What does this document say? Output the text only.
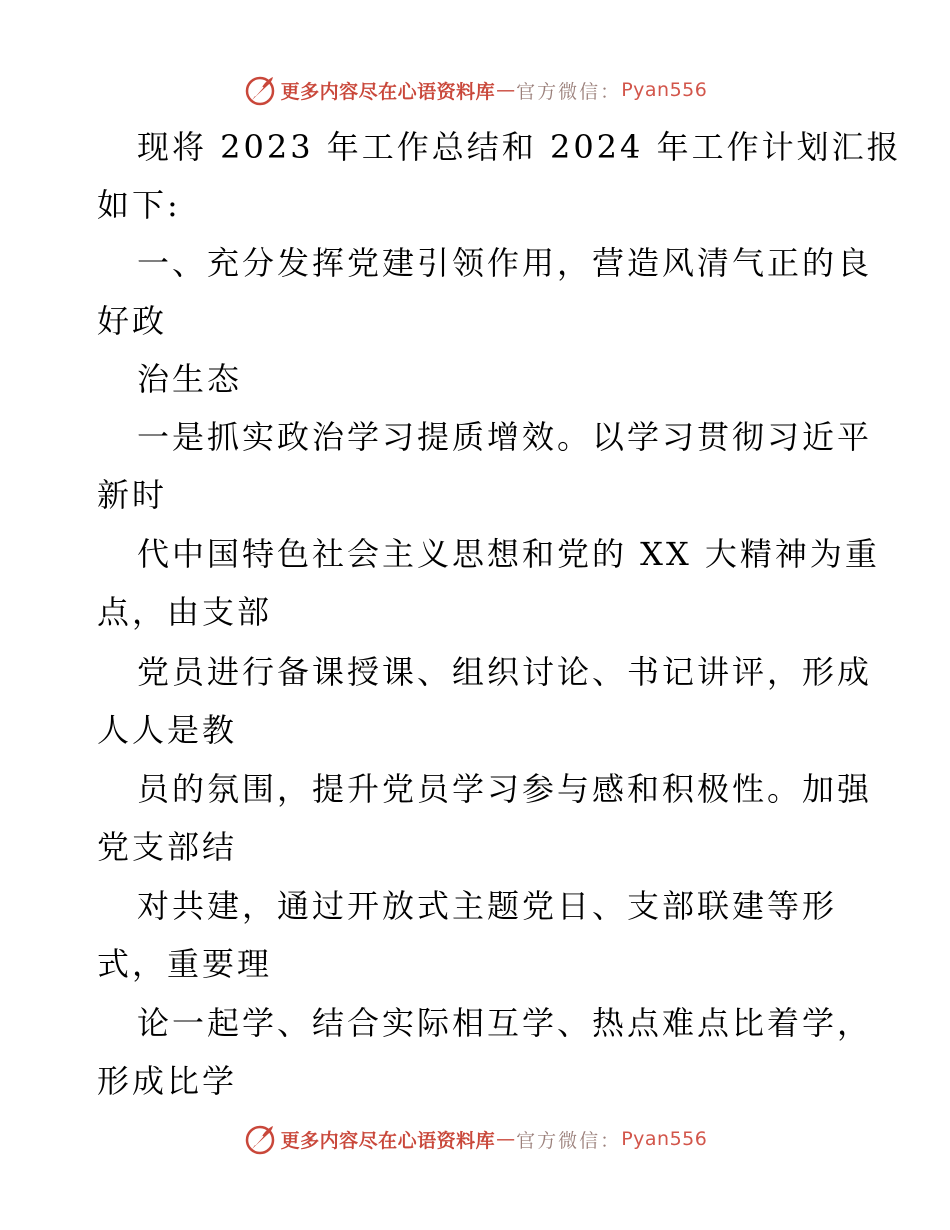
更多内容尽在心语资料库 — 官方微信： Pyan556
现将 2023 年工作总结和 2024 年工作计划汇报
如下:
一、充分发挥党建引领作用，营造风清气正的良
好政
治生态
一是抓实政治学习提质增效。以学习贯彻习近平
新时
代中国特色社会主义思想和党的 XX 大精神为重
点，由支部
党员进行备课授课、组织讨论、书记讲评，形成
人人是教
员的氛围，提升党员学习参与感和积极性。加强
党支部结
对共建，通过开放式主题党日、支部联建等形
式，重要理
论一起学、结合实际相互学、热点难点比着学，
形成比学
更多内容尽在心语资料库 — 官方微信： Pyan556
